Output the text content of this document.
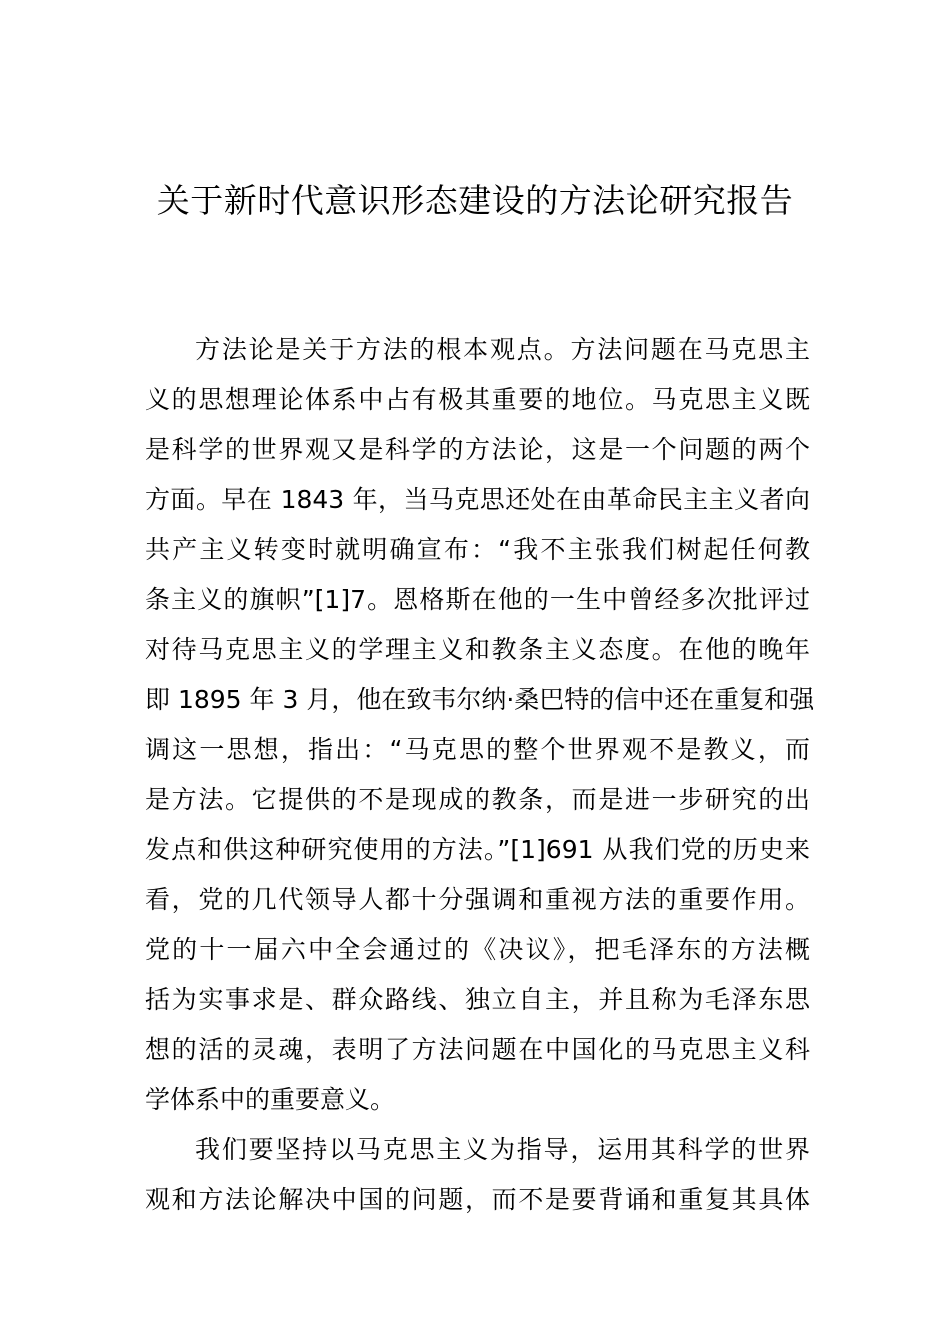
关于新时代意识形态建设的方法论研究报告

方法论是关于方法的根本观点。方法问题在马克思主

义的思想理论体系中占有极其重要的地位。马克思主义既

是科学的世界观又是科学的方法论，这是一个问题的两个

方面。早在 1843 年，当马克思还处在由革命民主主义者向

共产主义转变时就明确宣布：“我不主张我们树起任何教

条主义的旗帜”[1]7。恩格斯在他的一生中曾经多次批评过

对待马克思主义的学理主义和教条主义态度。在他的晚年

即 1895 年 3 月，他在致韦尔纳·桑巴特的信中还在重复和强

调这一思想，指出：“马克思的整个世界观不是教义，而

是方法。它提供的不是现成的教条，而是进一步研究的出

发点和供这种研究使用的方法。”[1]691 从我们党的历史来

看，党的几代领导人都十分强调和重视方法的重要作用。

党的十一届六中全会通过的《决议》，把毛泽东的方法概

括为实事求是、群众路线、独立自主，并且称为毛泽东思

想的活的灵魂，表明了方法问题在中国化的马克思主义科

学体系中的重要意义。

我们要坚持以马克思主义为指导，运用其科学的世界

观和方法论解决中国的问题，而不是要背诵和重复其具体
